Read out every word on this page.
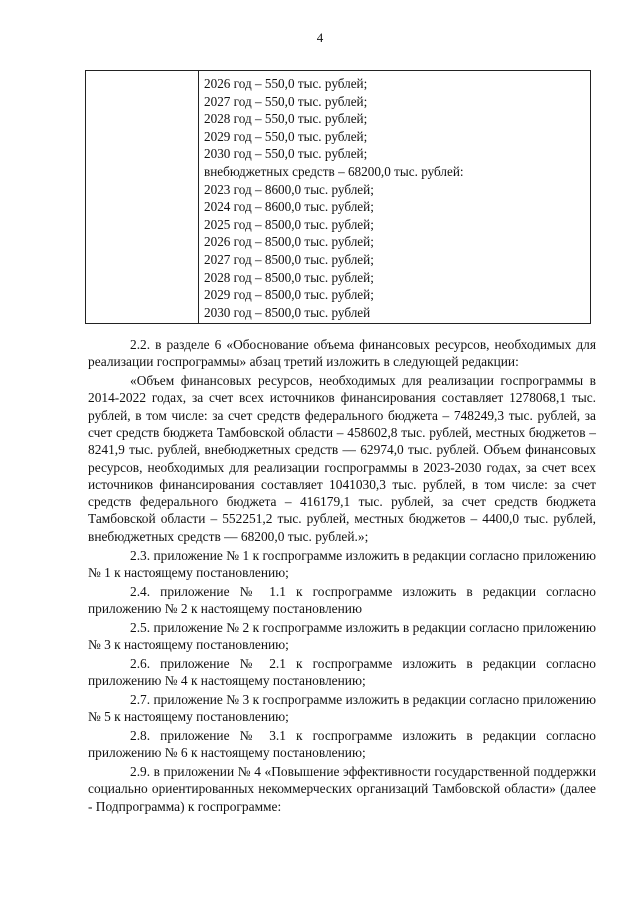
4
2026 год – 550,0 тыс. рублей;
2027 год – 550,0 тыс. рублей;
2028 год – 550,0 тыс. рублей;
2029 год – 550,0 тыс. рублей;
2030 год – 550,0 тыс. рублей;
внебюджетных средств – 68200,0 тыс. рублей:
2023 год – 8600,0 тыс. рублей;
2024 год – 8600,0 тыс. рублей;
2025 год – 8500,0 тыс. рублей;
2026 год – 8500,0 тыс. рублей;
2027 год – 8500,0 тыс. рублей;
2028 год – 8500,0 тыс. рублей;
2029 год – 8500,0 тыс. рублей;
2030 год – 8500,0 тыс. рублей

2.2. в разделе 6 «Обоснование объема финансовых ресурсов, необходимых для реализации госпрограммы» абзац третий изложить в следующей редакции:

«Объем финансовых ресурсов, необходимых для реализации госпрограммы в 2014-2022 годах, за счет всех источников финансирования составляет 1278068,1 тыс. рублей, в том числе: за счет средств федерального бюджета – 748249,3 тыс. рублей, за счет средств бюджета Тамбовской области – 458602,8 тыс. рублей, местных бюджетов – 8241,9 тыс. рублей, внебюджетных средств — 62974,0 тыс. рублей. Объем финансовых ресурсов, необходимых для реализации госпрограммы в 2023-2030 годах, за счет всех источников финансирования составляет 1041030,3 тыс. рублей, в том числе: за счет средств федерального бюджета – 416179,1 тыс. рублей, за счет средств бюджета Тамбовской области – 552251,2 тыс. рублей, местных бюджетов – 4400,0 тыс. рублей, внебюджетных средств — 68200,0 тыс. рублей.»;

2.3. приложение № 1 к госпрограмме изложить в редакции согласно приложению № 1 к настоящему постановлению;

2.4. приложение № 1.1 к госпрограмме изложить в редакции согласно приложению № 2 к настоящему постановлению

2.5. приложение № 2 к госпрограмме изложить в редакции согласно приложению № 3 к настоящему постановлению;

2.6. приложение № 2.1 к госпрограмме изложить в редакции согласно приложению № 4 к настоящему постановлению;

2.7. приложение № 3 к госпрограмме изложить в редакции согласно приложению № 5 к настоящему постановлению;

2.8. приложение № 3.1 к госпрограмме изложить в редакции согласно приложению № 6 к настоящему постановлению;

2.9. в приложении № 4 «Повышение эффективности государственной поддержки социально ориентированных некоммерческих организаций Тамбовской области» (далее - Подпрограмма) к госпрограмме:
